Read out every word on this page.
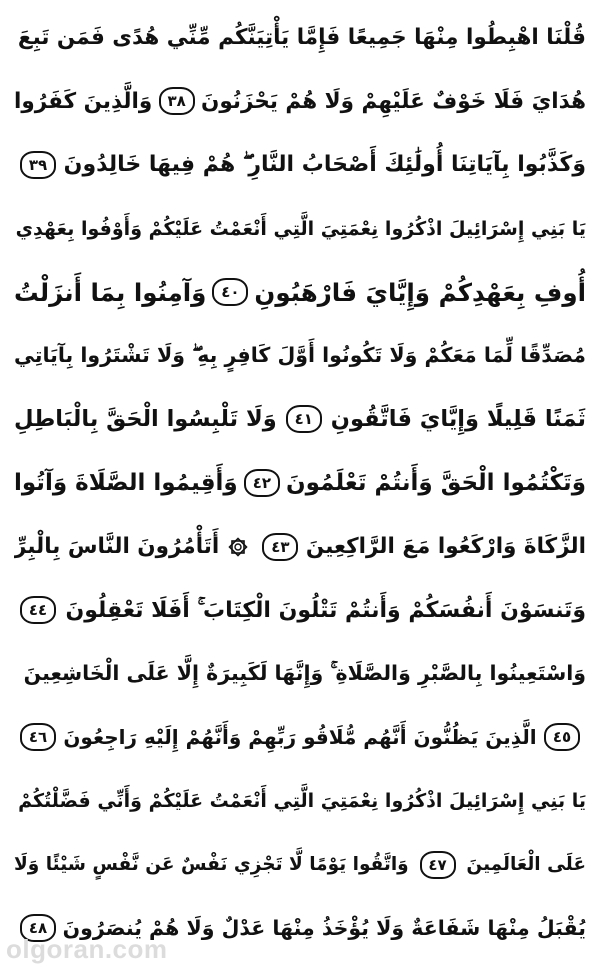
قُلْنَا اهْبِطُوا مِنْهَا جَمِيعًا فَإِمَّا يَأْتِيَنَّكُم مِّنِّي هُدًى فَمَن تَبِعَ
هُدَايَ فَلَا خَوْفٌ عَلَيْهِمْ وَلَا هُمْ يَحْزَنُونَ
٣٨
وَالَّذِينَ كَفَرُوا
وَكَذَّبُوا بِآيَاتِنَا أُولَٰئِكَ أَصْحَابُ النَّارِ ۖ هُمْ فِيهَا خَالِدُونَ
٣٩
يَا بَنِي إِسْرَائِيلَ اذْكُرُوا نِعْمَتِيَ الَّتِي أَنْعَمْتُ عَلَيْكُمْ وَأَوْفُوا بِعَهْدِي
أُوفِ بِعَهْدِكُمْ وَإِيَّايَ فَارْهَبُونِ
٤٠
وَآمِنُوا بِمَا أَنزَلْتُ
مُصَدِّقًا لِّمَا مَعَكُمْ وَلَا تَكُونُوا أَوَّلَ كَافِرٍ بِهِ ۖ وَلَا تَشْتَرُوا بِآيَاتِي
ثَمَنًا قَلِيلًا وَإِيَّايَ فَاتَّقُونِ
٤١
وَلَا تَلْبِسُوا الْحَقَّ بِالْبَاطِلِ
وَتَكْتُمُوا الْحَقَّ وَأَنتُمْ تَعْلَمُونَ
٤٢
وَأَقِيمُوا الصَّلَاةَ وَآتُوا
الزَّكَاةَ وَارْكَعُوا مَعَ الرَّاكِعِينَ
٤٣
أَتَأْمُرُونَ النَّاسَ بِالْبِرِّ
وَتَنسَوْنَ أَنفُسَكُمْ وَأَنتُمْ تَتْلُونَ الْكِتَابَ ۚ أَفَلَا تَعْقِلُونَ
٤٤
وَاسْتَعِينُوا بِالصَّبْرِ وَالصَّلَاةِ ۚ وَإِنَّهَا لَكَبِيرَةٌ إِلَّا عَلَى الْخَاشِعِينَ
٤٥
الَّذِينَ يَظُنُّونَ أَنَّهُم مُّلَاقُو رَبِّهِمْ وَأَنَّهُمْ إِلَيْهِ رَاجِعُونَ
٤٦
يَا بَنِي إِسْرَائِيلَ اذْكُرُوا نِعْمَتِيَ الَّتِي أَنْعَمْتُ عَلَيْكُمْ وَأَنِّي فَضَّلْتُكُمْ
عَلَى الْعَالَمِينَ
٤٧
وَاتَّقُوا يَوْمًا لَّا تَجْزِي نَفْسٌ عَن نَّفْسٍ شَيْئًا وَلَا
يُقْبَلُ مِنْهَا شَفَاعَةٌ وَلَا يُؤْخَذُ مِنْهَا عَدْلٌ وَلَا هُمْ يُنصَرُونَ
٤٨
olgoran.com
